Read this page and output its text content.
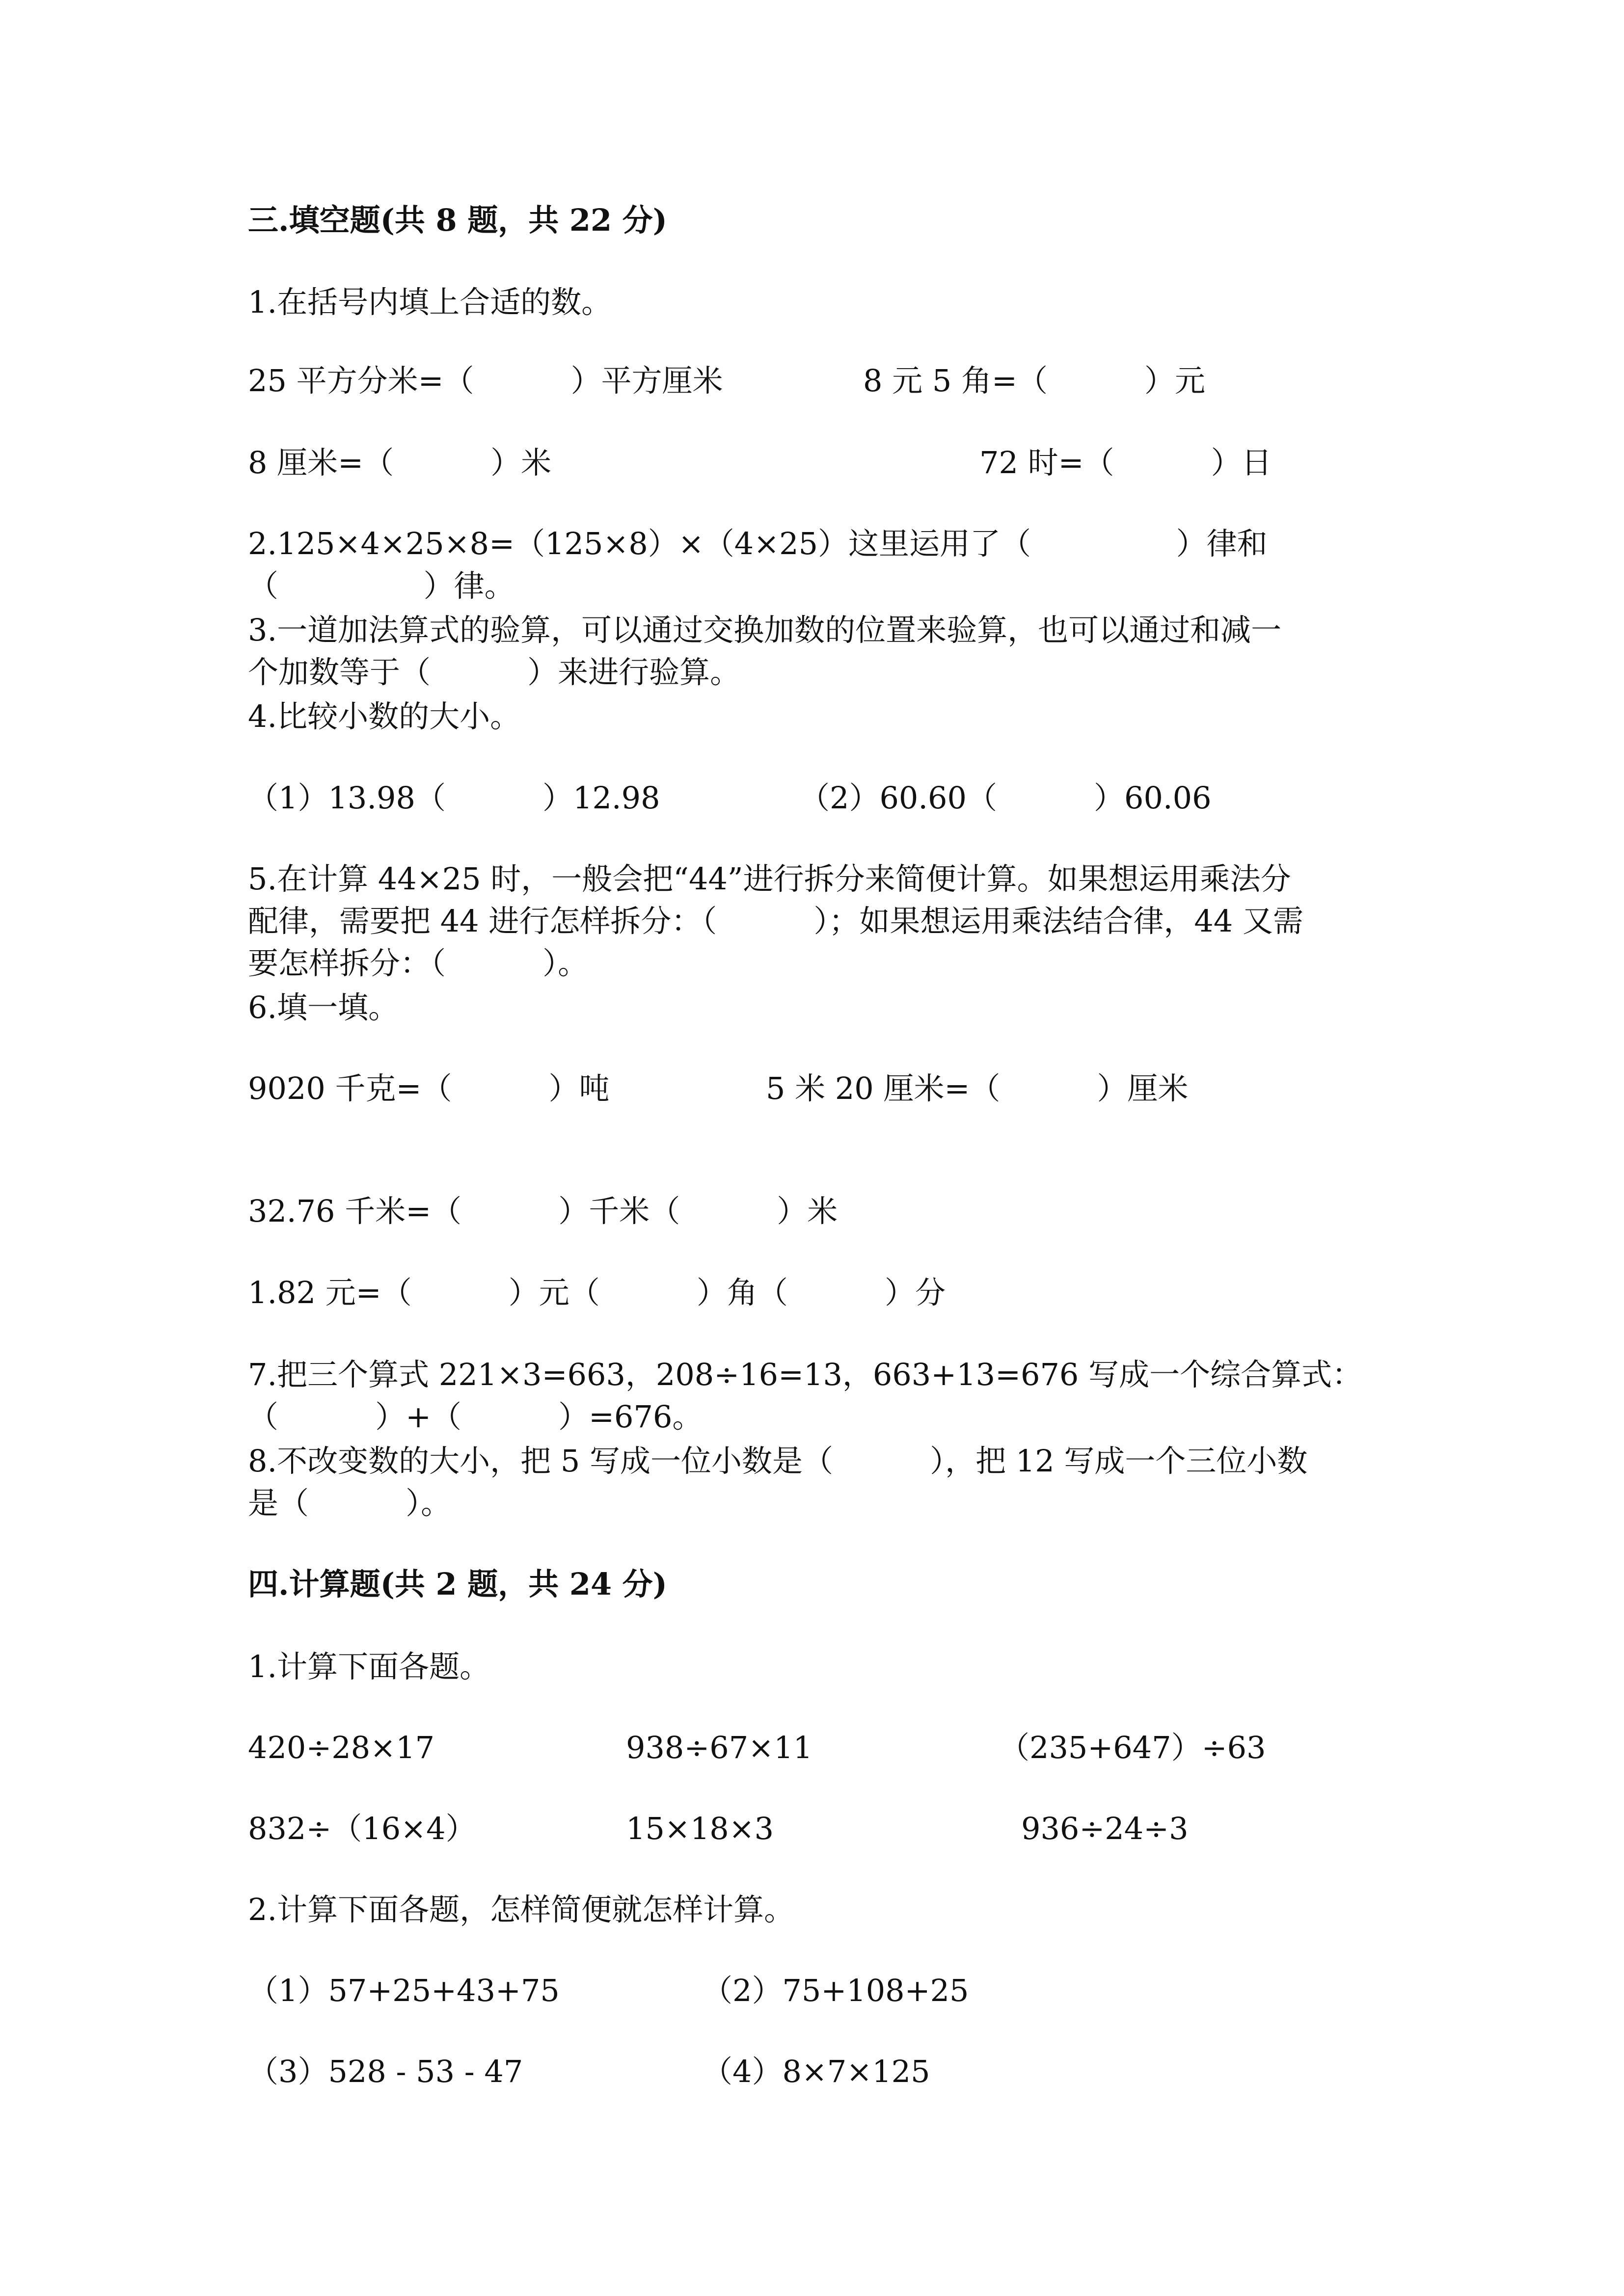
三.填空题(共 8 题，共 22 分)
1.在括号内填上合适的数。
25 平方分米=（          ）平方厘米	8 元 5 角=（          ）元
8 厘米=（          ）米	72 时=（          ）日
2.125×4×25×8=（125×8）×（4×25）这里运用了（               ）律和
（               ）律。
3.一道加法算式的验算，可以通过交换加数的位置来验算，也可以通过和减一
个加数等于（          ）来进行验算。
4.比较小数的大小。
（1）13.98（          ）12.98	（2）60.60（          ）60.06
5.在计算 44×25 时，一般会把“44”进行拆分来简便计算。如果想运用乘法分
配律，需要把 44 进行怎样拆分：（          ）；如果想运用乘法结合律，44 又需
要怎样拆分：（          ）。
6.填一填。
9020 千克=（          ）吨	5 米 20 厘米=（          ）厘米
32.76 千米=（          ）千米（          ）米
1.82 元=（          ）元（          ）角（          ）分
7.把三个算式 221×3=663，208÷16=13，663+13=676 写成一个综合算式：
（          ）+（          ）=676。
8.不改变数的大小，把 5 写成一位小数是（          ），把 12 写成一个三位小数
是（          ）。
四.计算题(共 2 题，共 24 分)
1.计算下面各题。
420÷28×17	938÷67×11	（235+647）÷63
832÷（16×4）	15×18×3	936÷24÷3
2.计算下面各题，怎样简便就怎样计算。
（1）57+25+43+75	（2）75+108+25
（3）528 - 53 - 47	（4）8×7×125
